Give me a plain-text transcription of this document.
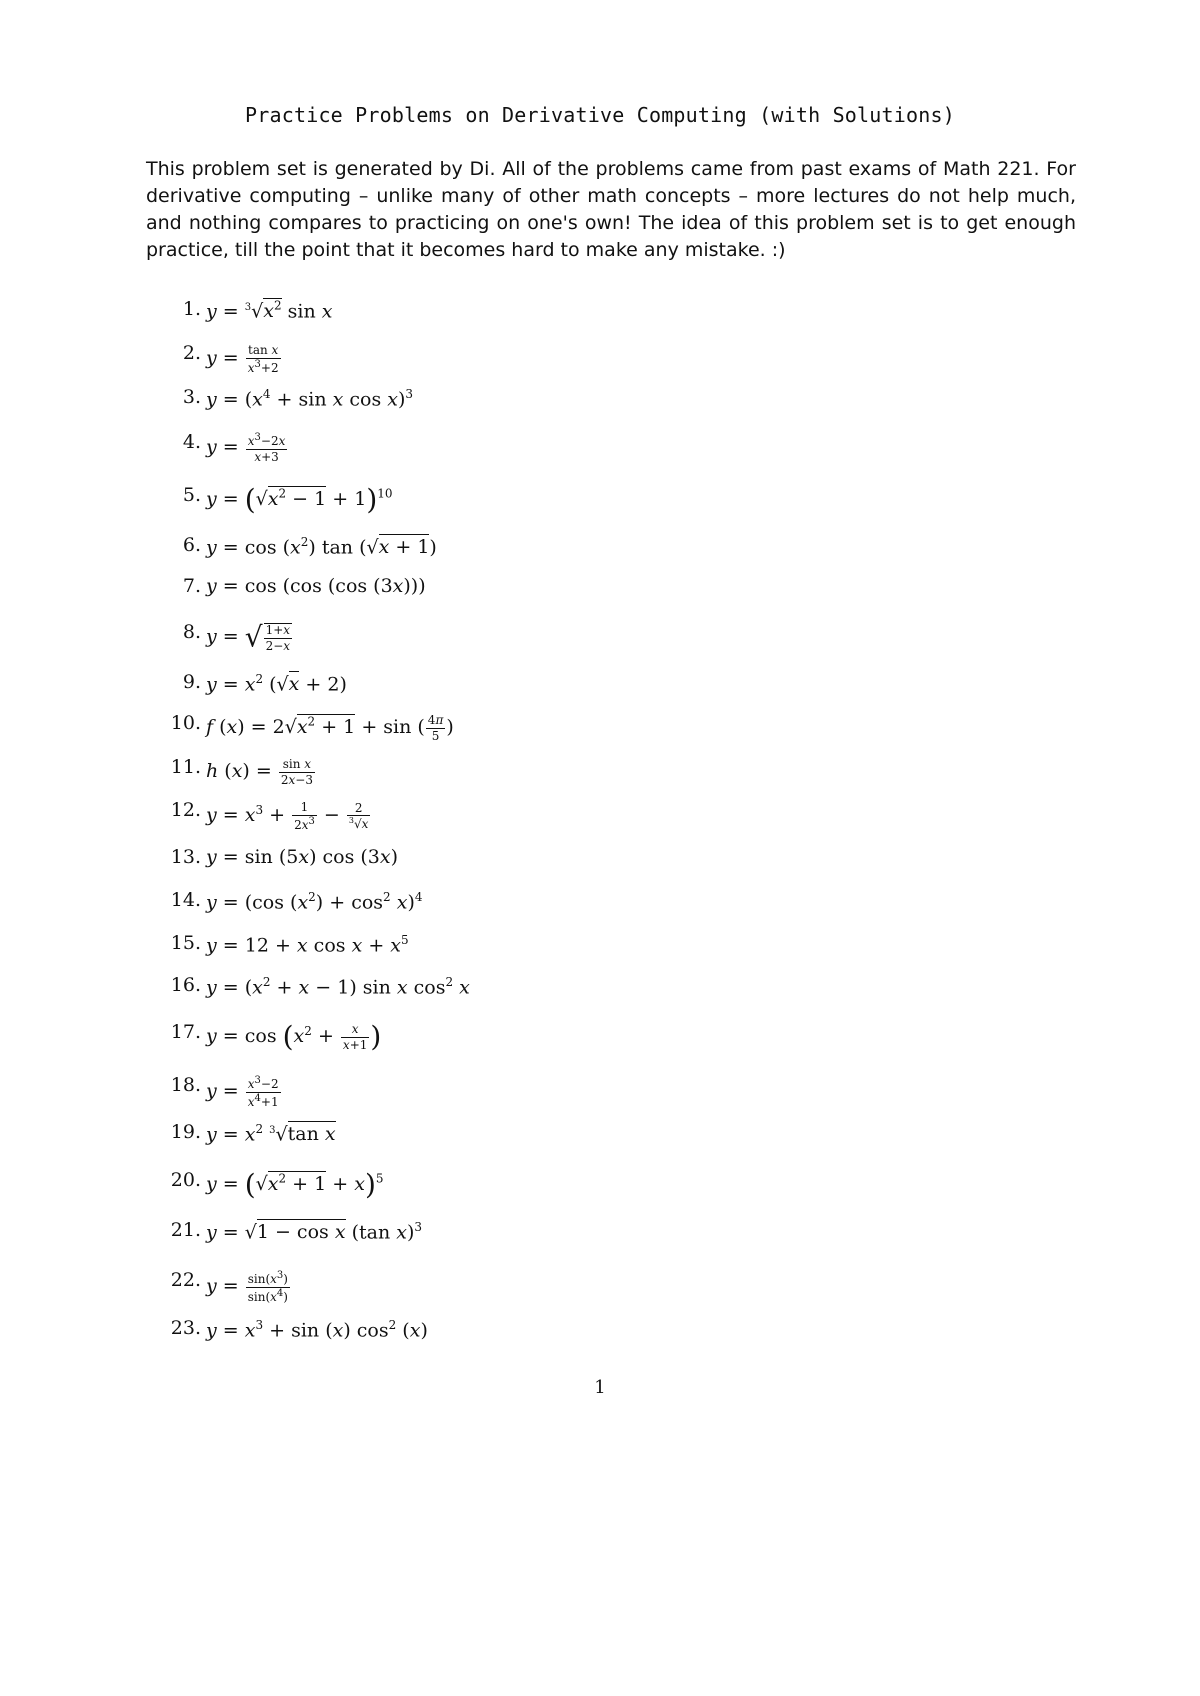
Practice Problems on Derivative Computing (with Solutions)

This problem set is generated by Di. All of the problems came from past exams of Math 221. For derivative computing – unlike many of other math concepts – more lectures do not help much, and nothing compares to practicing on one's own! The idea of this problem set is to get enough practice, till the point that it becomes hard to make any mistake. :)

1. $y = ^3√x^2$ sin x
2. $y = \frac{\text{tan x}}{x^3+2}$
3. $y = (x^4 + \sin x$ cos x)$^3$
4. $y = \frac{x^3-2x}{x+3}$
5. $y = (√x^2 - 1 + 1)^{10}$
6. $y = \cos (x^2)$ tan (√x + 1)
7. y = cos (cos (cos (3x)))
8. y = √ $\frac{1+x}{2-x}$
9. $y = x^2$ (√x + 2)
10. f $(x) = 2√x^2 + 1 + \sin$ ( $\frac{4\pi}{5}$ )
11. h $(x) = \frac{\text{sin x}}{2x-3}$
12. $y = x^3 + \frac{1}{2x^3} - \frac{2}{^3√x}$
13. y = sin (5x) cos (3x)
14. y = (cos $(x^2) + \cos^2 x)^4$
15. y = 12 + x $\cos x + x^5$
16. $y = (x^2 + x - 1)$ sin x $\cos^2 x$
17. $y = \cos (x^2 + \frac{x}{x+1}$ )
18. $y = \frac{x^3-2}{x^4+1}$
19. $y = x^2$ $^3$√tan x
20. $y = (√x^2 + 1 + x)^5$
21. y = √1 − cos x (tan x)$^3$
22. $y = \frac{\sin(x^3)}{\sin(x^4)}$
23. $y = x^3 + \sin (x)$ $\cos^2 (x)$
1
